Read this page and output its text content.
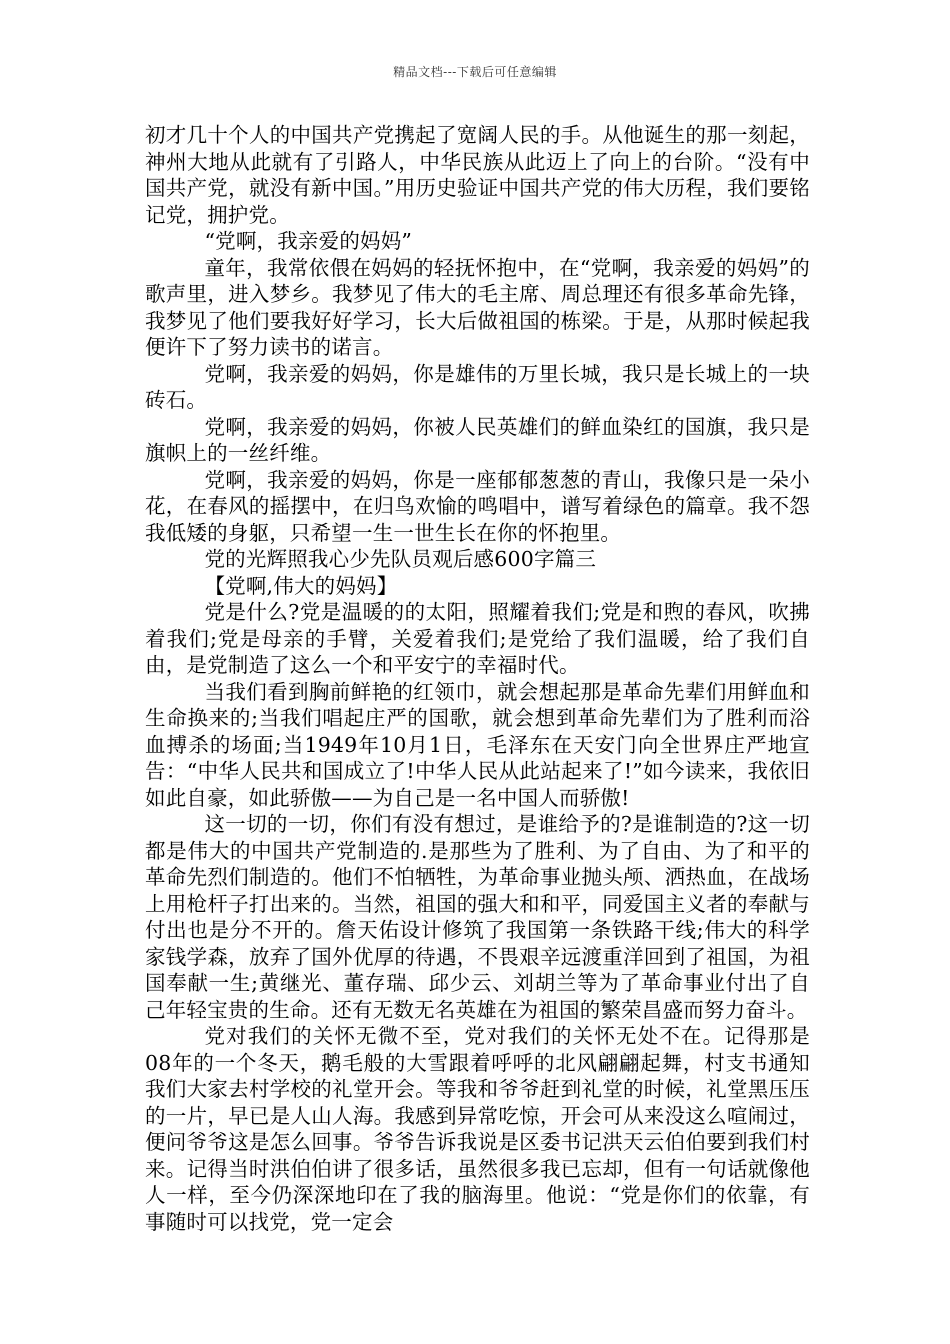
精品文档---下载后可任意编辑

初才几十个人的中国共产党携起了宽阔人民的手。从他诞生的那一刻起，神州大地从此就有了引路人，中华民族从此迈上了向上的台阶。“没有中国共产党，就没有新中国。”用历史验证中国共产党的伟大历程，我们要铭记党，拥护党。

“党啊，我亲爱的妈妈”

童年，我常依偎在妈妈的轻抚怀抱中，在“党啊，我亲爱的妈妈”的歌声里，进入梦乡。我梦见了伟大的毛主席、周总理还有很多革命先锋，我梦见了他们要我好好学习，长大后做祖国的栋梁。于是，从那时候起我便许下了努力读书的诺言。

党啊，我亲爱的妈妈，你是雄伟的万里长城，我只是长城上的一块砖石。

党啊，我亲爱的妈妈，你被人民英雄们的鲜血染红的国旗，我只是旗帜上的一丝纤维。

党啊，我亲爱的妈妈，你是一座郁郁葱葱的青山，我像只是一朵小花，在春风的摇摆中，在归鸟欢愉的鸣唱中，谱写着绿色的篇章。我不怨我低矮的身躯，只希望一生一世生长在你的怀抱里。

党的光辉照我心少先队员观后感600字篇三

【党啊,伟大的妈妈】

党是什么?党是温暖的的太阳，照耀着我们;党是和煦的春风，吹拂着我们;党是母亲的手臂，关爱着我们;是党给了我们温暖，给了我们自由，是党制造了这么一个和平安宁的幸福时代。

当我们看到胸前鲜艳的红领巾，就会想起那是革命先辈们用鲜血和生命换来的;当我们唱起庄严的国歌，就会想到革命先辈们为了胜利而浴血搏杀的场面;当1949年10月1日，毛泽东在天安门向全世界庄严地宣告：“中华人民共和国成立了!中华人民从此站起来了!”如今读来，我依旧如此自豪，如此骄傲——为自己是一名中国人而骄傲!

这一切的一切，你们有没有想过，是谁给予的?是谁制造的?这一切都是伟大的中国共产党制造的.是那些为了胜利、为了自由、为了和平的革命先烈们制造的。他们不怕牺牲，为革命事业抛头颅、洒热血，在战场上用枪杆子打出来的。当然，祖国的强大和和平，同爱国主义者的奉献与付出也是分不开的。詹天佑设计修筑了我国第一条铁路干线;伟大的科学家钱学森，放弃了国外优厚的待遇，不畏艰辛远渡重洋回到了祖国，为祖国奉献一生;黄继光、董存瑞、邱少云、刘胡兰等为了革命事业付出了自己年轻宝贵的生命。还有无数无名英雄在为祖国的繁荣昌盛而努力奋斗。

党对我们的关怀无微不至，党对我们的关怀无处不在。记得那是08年的一个冬天，鹅毛般的大雪跟着呼呼的北风翩翩起舞，村支书通知我们大家去村学校的礼堂开会。等我和爷爷赶到礼堂的时候，礼堂黑压压的一片，早已是人山人海。我感到异常吃惊，开会可从来没这么喧闹过，便问爷爷这是怎么回事。爷爷告诉我说是区委书记洪天云伯伯要到我们村来。记得当时洪伯伯讲了很多话，虽然很多我已忘却，但有一句话就像他人一样，至今仍深深地印在了我的脑海里。他说：“党是你们的依靠，有事随时可以找党，党一定会
